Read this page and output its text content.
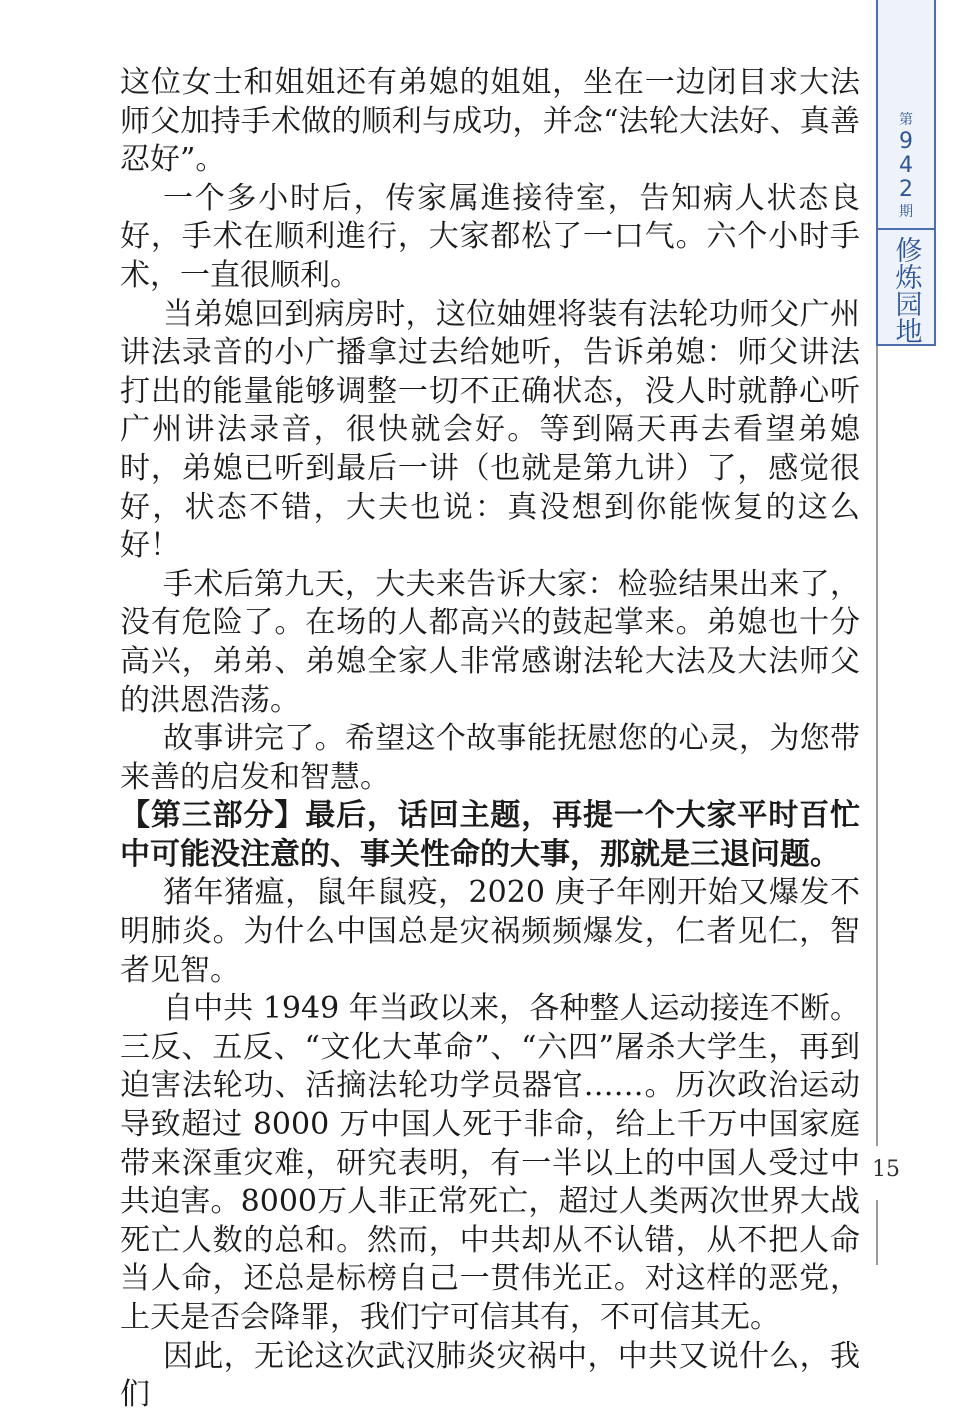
这位女士和姐姐还有弟媳的姐姐，坐在一边闭目求大法师父加持手术做的顺利与成功，并念“法轮大法好、真善忍好”。

一个多小时后，传家属進接待室，告知病人状态良好，手术在顺利進行，大家都松了一口气。六个小时手术，一直很顺利。

当弟媳回到病房时，这位妯娌将装有法轮功师父广州讲法录音的小广播拿过去给她听，告诉弟媳：师父讲法打出的能量能够调整一切不正确状态，没人时就静心听广州讲法录音，很快就会好。等到隔天再去看望弟媳时，弟媳已听到最后一讲（也就是第九讲）了，感觉很好，状态不错，大夫也说：真没想到你能恢复的这么好！

手术后第九天，大夫来告诉大家：检验结果出来了，没有危险了。在场的人都高兴的鼓起掌来。弟媳也十分高兴，弟弟、弟媳全家人非常感谢法轮大法及大法师父的洪恩浩荡。

故事讲完了。希望这个故事能抚慰您的心灵，为您带来善的启发和智慧。

【第三部分】最后，话回主题，再提一个大家平时百忙中可能没注意的、事关性命的大事，那就是三退问题。

猪年猪瘟，鼠年鼠疫，2020 庚子年刚开始又爆发不明肺炎。为什么中国总是灾祸频频爆发，仁者见仁，智者见智。

自中共 1949 年当政以来，各种整人运动接连不断。三反、五反、“文化大革命”、“六四”屠杀大学生，再到迫害法轮功、活摘法轮功学员器官……。历次政治运动导致超过 8000 万中国人死于非命，给上千万中国家庭带来深重灾难，研究表明，有一半以上的中国人受过中共迫害。8000万人非正常死亡，超过人类两次世界大战死亡人数的总和。然而，中共却从不认错，从不把人命当人命，还总是标榜自己一贯伟光正。对这样的恶党，上天是否会降罪，我们宁可信其有，不可信其无。

因此，无论这次武汉肺炎灾祸中，中共又说什么，我们

第
9
4
2
期
修炼园地
15
